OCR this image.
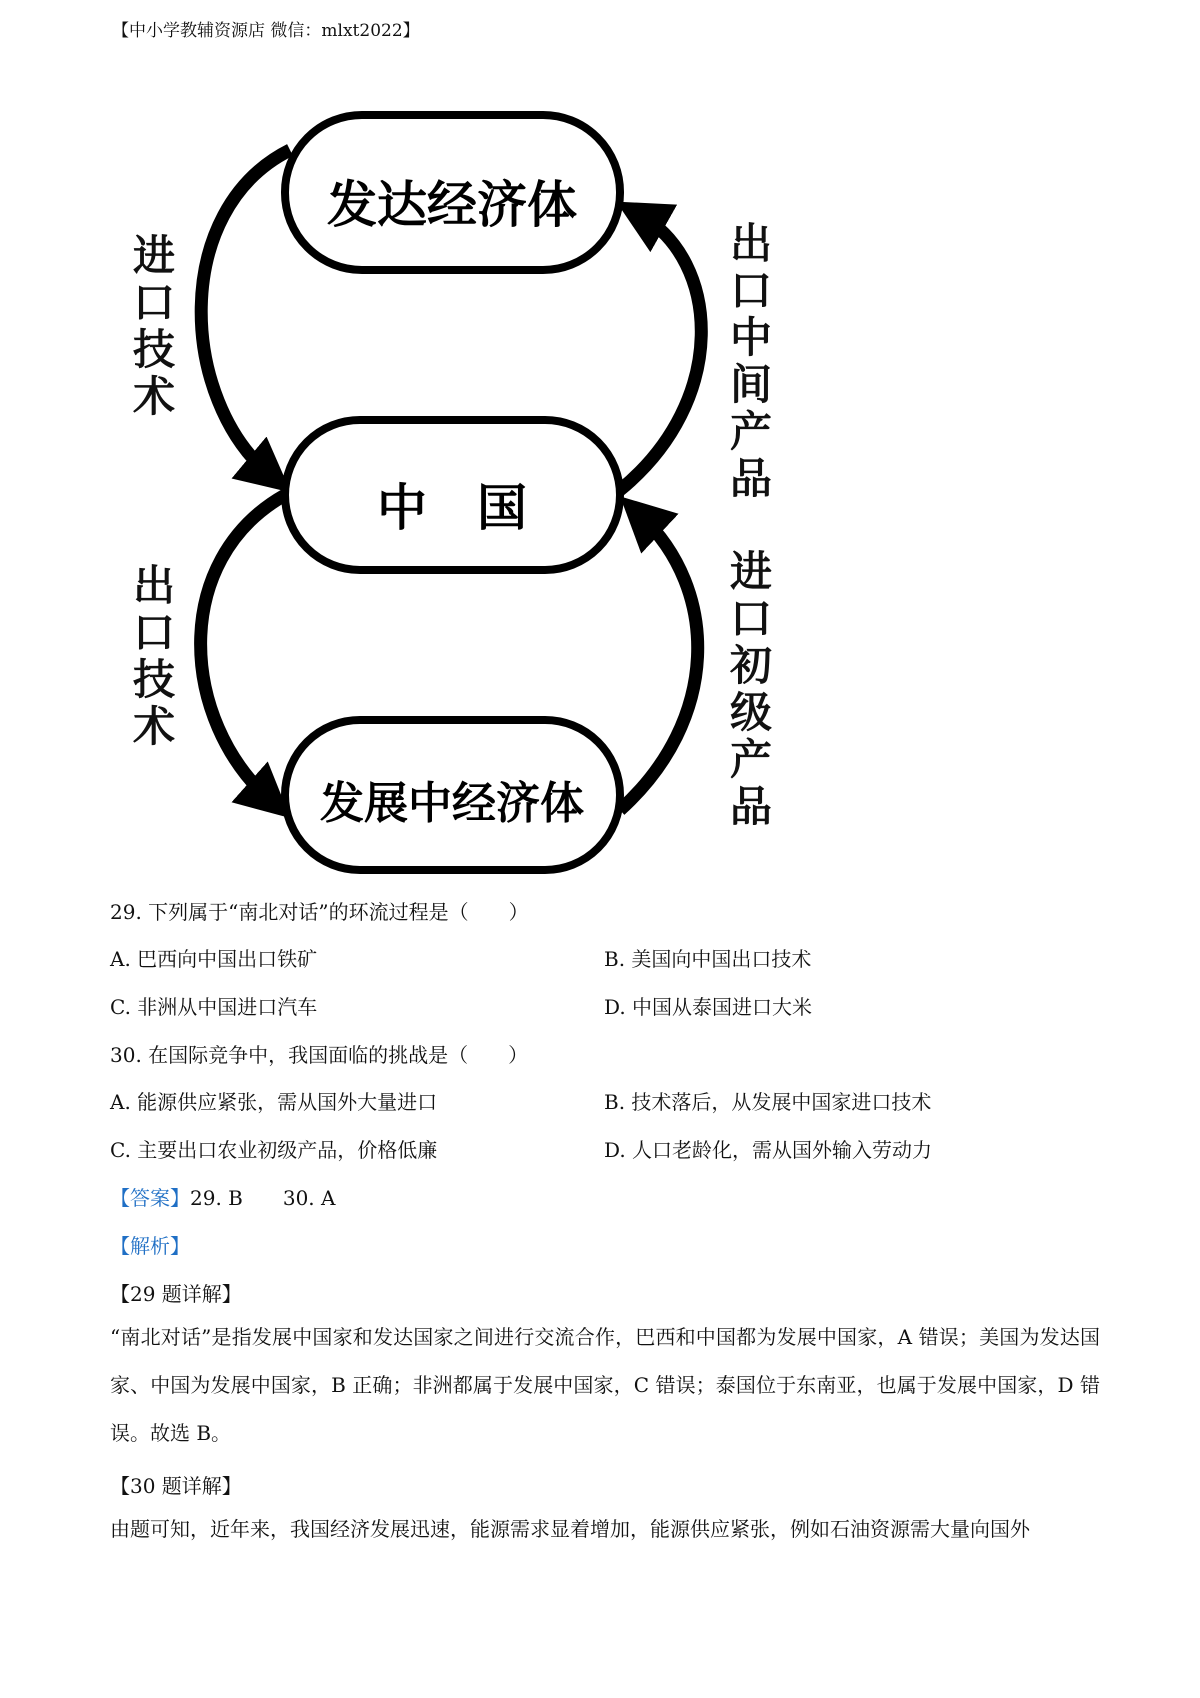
【中小学教辅资源店 微信：mlxt2022】
发达经济体
中　国
发展中经济体
进口技术
出口技术
出口中间产品
进口初级产品
29. 下列属于“南北对话”的环流过程是（　　）
A. 巴西向中国出口铁矿	B. 美国向中国出口技术
C. 非洲从中国进口汽车	D. 中国从泰国进口大米
30. 在国际竞争中，我国面临的挑战是（　　）
A. 能源供应紧张，需从国外大量进口	B. 技术落后，从发展中国家进口技术
C. 主要出口农业初级产品，价格低廉	D. 人口老龄化，需从国外输入劳动力
【答案】29. B　　30. A
【解析】
【29 题详解】
“南北对话”是指发展中国家和发达国家之间进行交流合作，巴西和中国都为发展中国家，A 错误；美国为发达国家、中国为发展中国家，B 正确；非洲都属于发展中国家，C 错误；泰国位于东南亚，也属于发展中国家，D 错误。故选 B。
【30 题详解】
由题可知，近年来，我国经济发展迅速，能源需求显着增加，能源供应紧张，例如石油资源需大量向国外
